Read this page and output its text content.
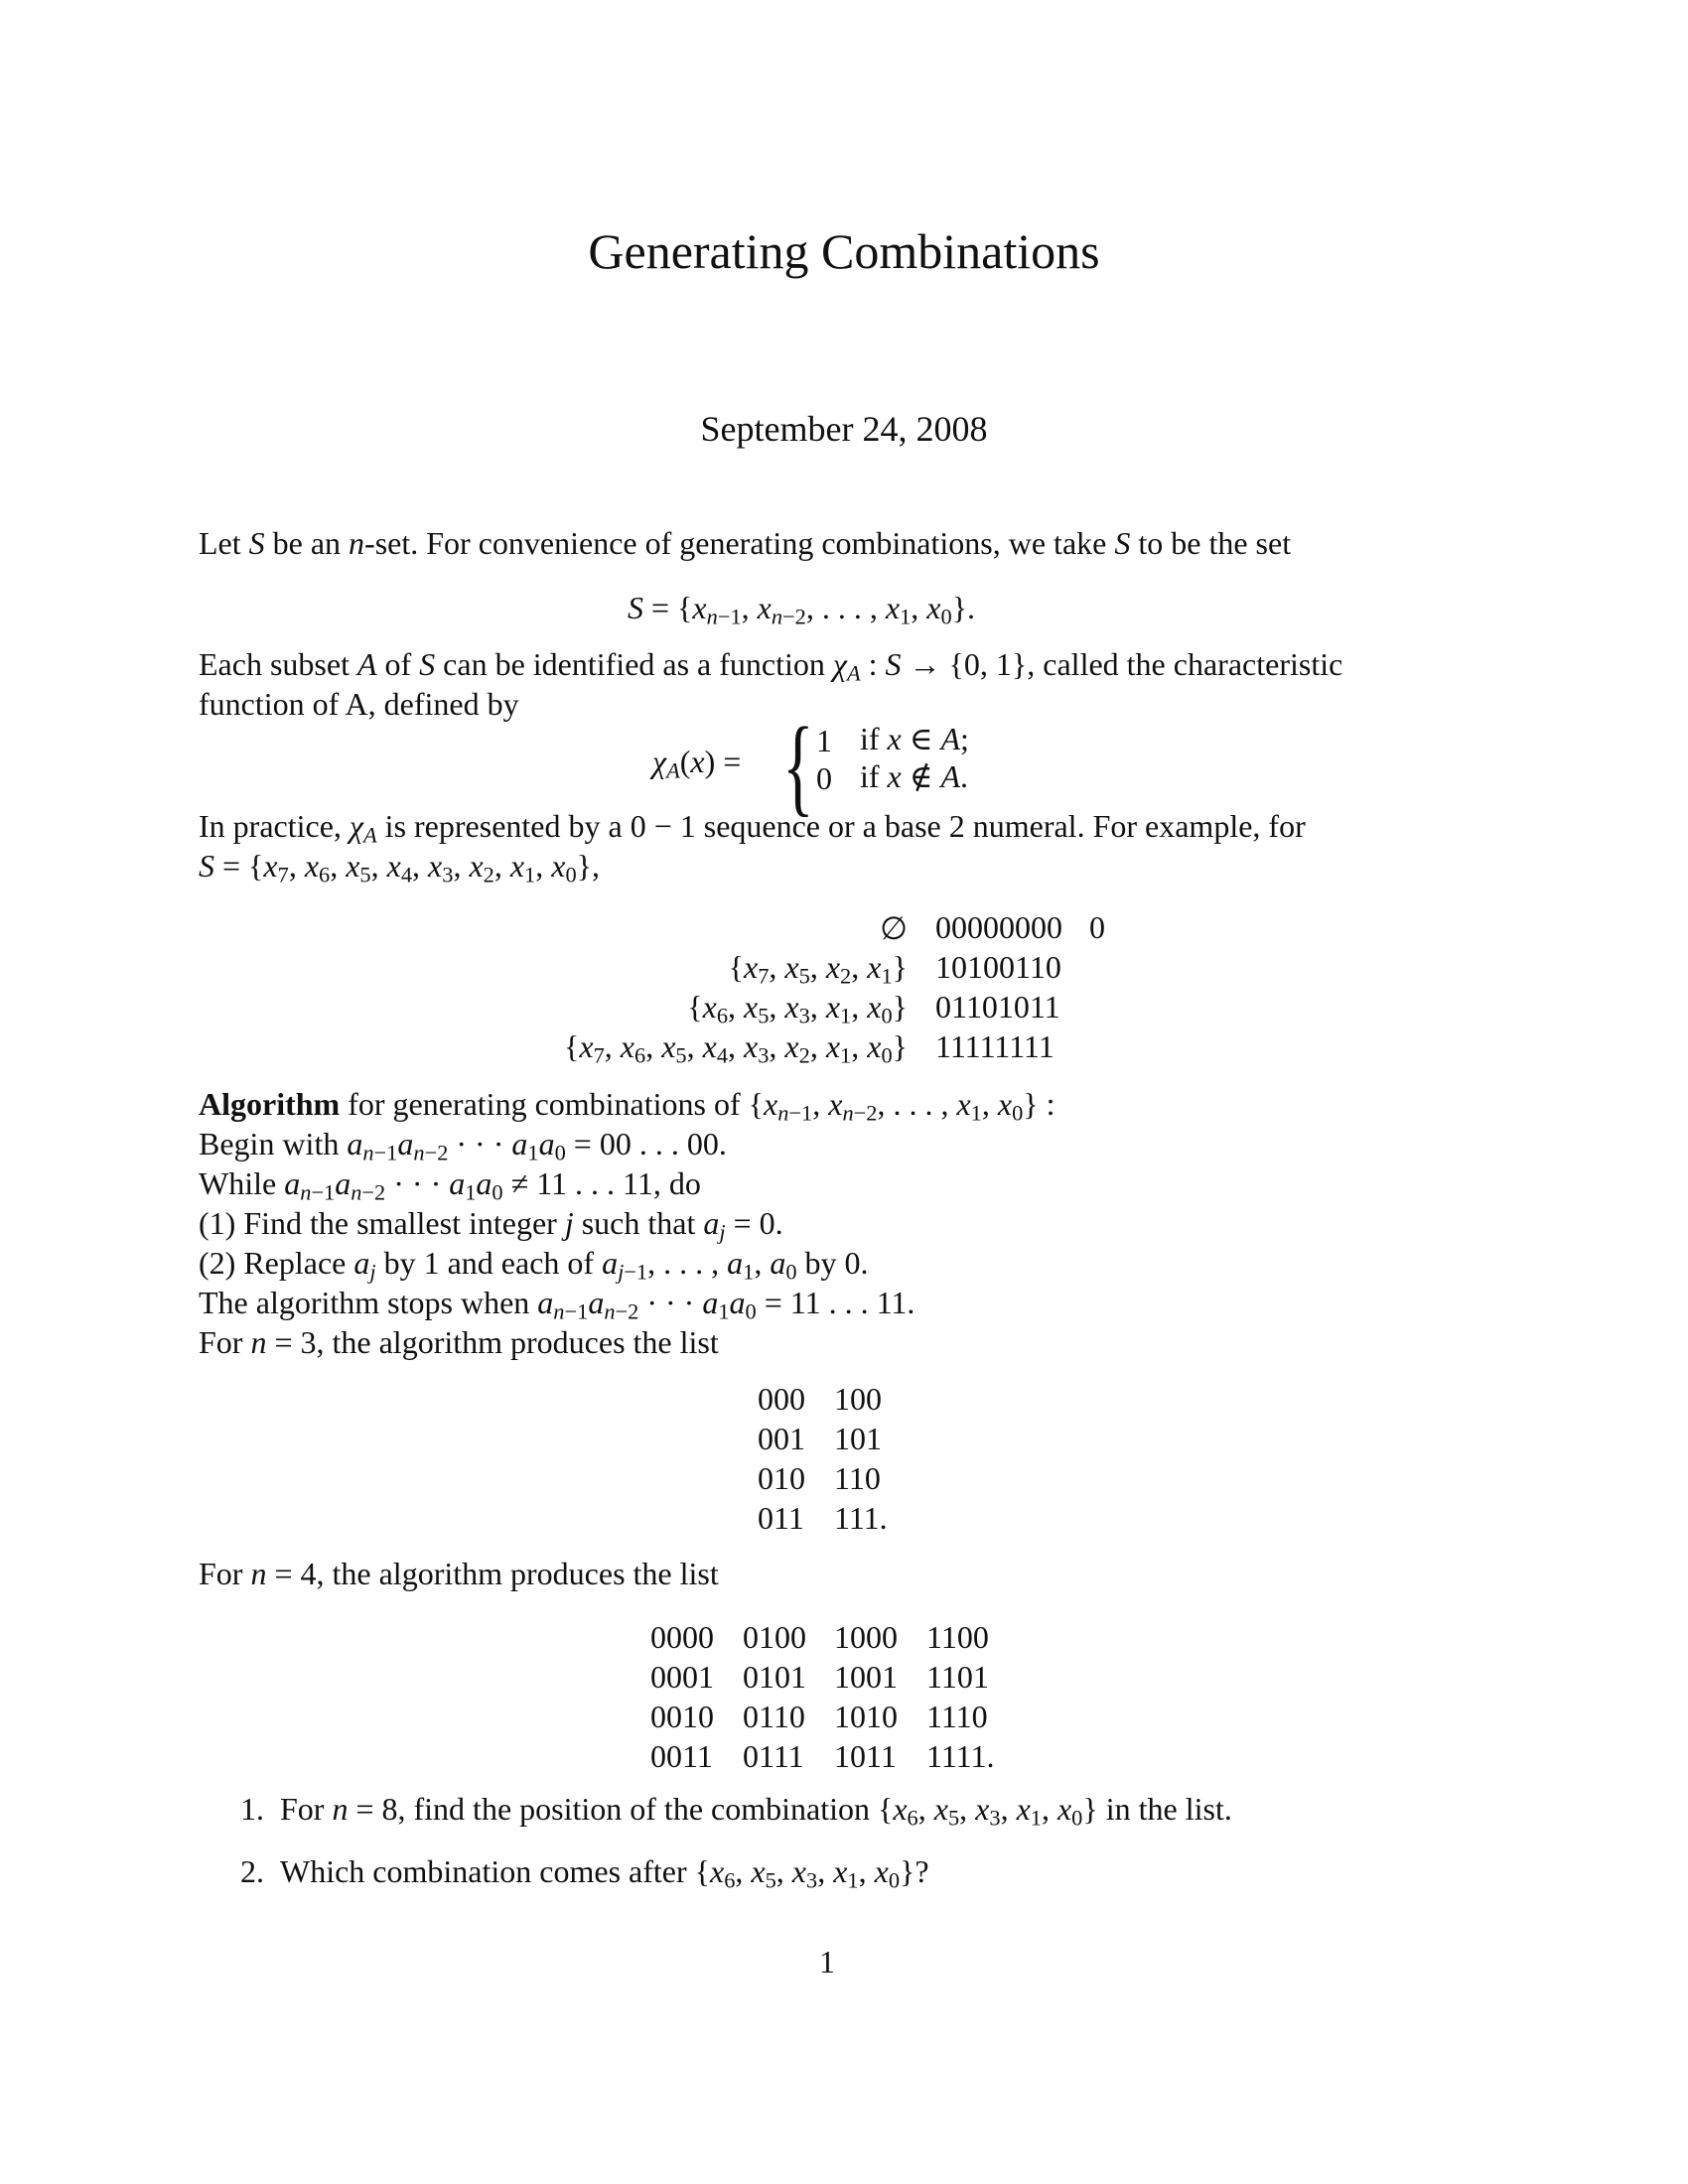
Generating Combinations
September 24, 2008
Let S be an n-set. For convenience of generating combinations, we take S to be the set
$S = \{x_{n-1}$, $x_{n-2}$, . . . , $x_1$, $x_0$}.
Each subset A of S can be identified as a function $\chi_A$ : S → {0, 1}, called the characteristic
function of A, defined by
$\chi_A(x)$ = { 1 if x ∈ A;
0 if x ∉ A.
In practice, $\chi_A$ is represented by a 0 − 1 sequence or a base 2 numeral. For example, for
$S = \{x_7$, $x_6$, $x_5$, $x_4$, $x_3$, $x_2$, $x_1$, $x_0$},
∅
{$x_7$, $x_5$, $x_2$, $x_1$}
{$x_6$, $x_5$, $x_3$, $x_1$, $x_0$}
{$x_7$, $x_6$, $x_5$, $x_4$, $x_3$, $x_2$, $x_1$, $x_0$}
00000000
10100110
01101011
11111111
0
Algorithm for generating combinations of {$x_{n-1}$, $x_{n-2}$, . . . , $x_1$, $x_0$} :
Begin with $a_{n-1}a_{n-2}$ · · · $a_1a_0 = 00$ . . . 00.
While $a_{n-1}a_{n-2}$ · · · $a_1a_0 \ne 11$ . . . 11, do
(1) Find the smallest integer j such that $a_j = 0$.
(2) Replace $a_j$ by 1 and each of $a_{j-1}$, . . . , $a_1$, $a_0$ by 0.
The algorithm stops when $a_{n-1}a_{n-2}$ · · · $a_1a_0 = 11$ . . . 11.
For n = 3, the algorithm produces the list
000
001
010
011
100
101
110
111.
For n = 4, the algorithm produces the list
0000
0001
0010
0011
0100
0101
0110
0111
1000
1001
1010
1011
1100
1101
1110
1111.
1. For n = 8, find the position of the combination {$x_6$, $x_5$, $x_3$, $x_1$, $x_0$} in the list.
2. Which combination comes after {$x_6$, $x_5$, $x_3$, $x_1$, $x_0$}?
1
